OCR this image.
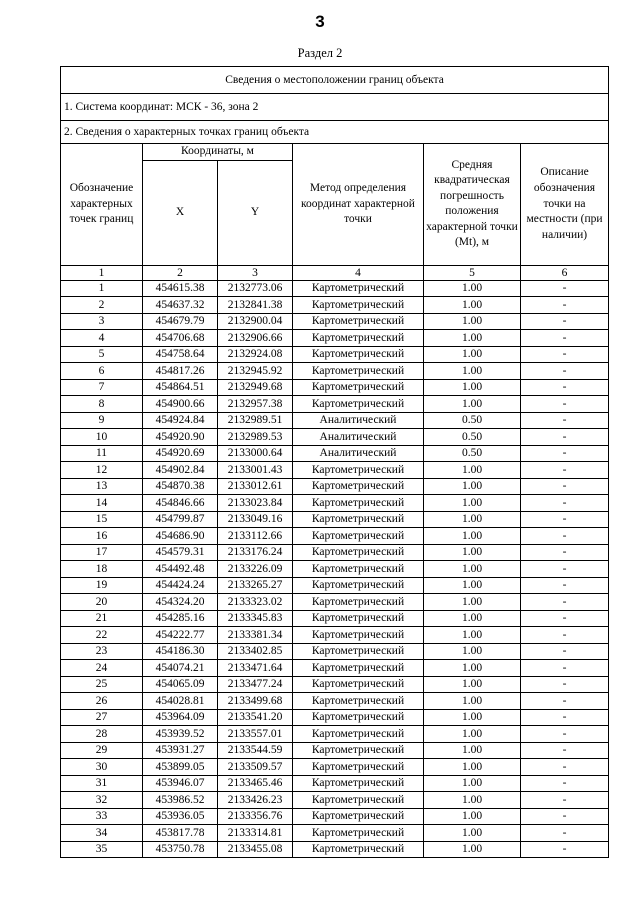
3
Раздел 2
Сведения о местоположении границ объекта					
1. Система координат: МСК - 36, зона 2					
2. Сведения о характерных точках границ объекта					
Обозначение характерных точек границ	Координаты, м		Метод определения координат характерной точки	Средняя квадратическая погрешность положения характерной точки (Mt), м	Описание обозначения точки на местности (при наличии)
	X	Y			
1	2	3	4	5	6
1	454615.38	2132773.06	Картометрический	1.00	-
2	454637.32	2132841.38	Картометрический	1.00	-
3	454679.79	2132900.04	Картометрический	1.00	-
4	454706.68	2132906.66	Картометрический	1.00	-
5	454758.64	2132924.08	Картометрический	1.00	-
6	454817.26	2132945.92	Картометрический	1.00	-
7	454864.51	2132949.68	Картометрический	1.00	-
8	454900.66	2132957.38	Картометрический	1.00	-
9	454924.84	2132989.51	Аналитический	0.50	-
10	454920.90	2132989.53	Аналитический	0.50	-
11	454920.69	2133000.64	Аналитический	0.50	-
12	454902.84	2133001.43	Картометрический	1.00	-
13	454870.38	2133012.61	Картометрический	1.00	-
14	454846.66	2133023.84	Картометрический	1.00	-
15	454799.87	2133049.16	Картометрический	1.00	-
16	454686.90	2133112.66	Картометрический	1.00	-
17	454579.31	2133176.24	Картометрический	1.00	-
18	454492.48	2133226.09	Картометрический	1.00	-
19	454424.24	2133265.27	Картометрический	1.00	-
20	454324.20	2133323.02	Картометрический	1.00	-
21	454285.16	2133345.83	Картометрический	1.00	-
22	454222.77	2133381.34	Картометрический	1.00	-
23	454186.30	2133402.85	Картометрический	1.00	-
24	454074.21	2133471.64	Картометрический	1.00	-
25	454065.09	2133477.24	Картометрический	1.00	-
26	454028.81	2133499.68	Картометрический	1.00	-
27	453964.09	2133541.20	Картометрический	1.00	-
28	453939.52	2133557.01	Картометрический	1.00	-
29	453931.27	2133544.59	Картометрический	1.00	-
30	453899.05	2133509.57	Картометрический	1.00	-
31	453946.07	2133465.46	Картометрический	1.00	-
32	453986.52	2133426.23	Картометрический	1.00	-
33	453936.05	2133356.76	Картометрический	1.00	-
34	453817.78	2133314.81	Картометрический	1.00	-
35	453750.78	2133455.08	Картометрический	1.00	-
